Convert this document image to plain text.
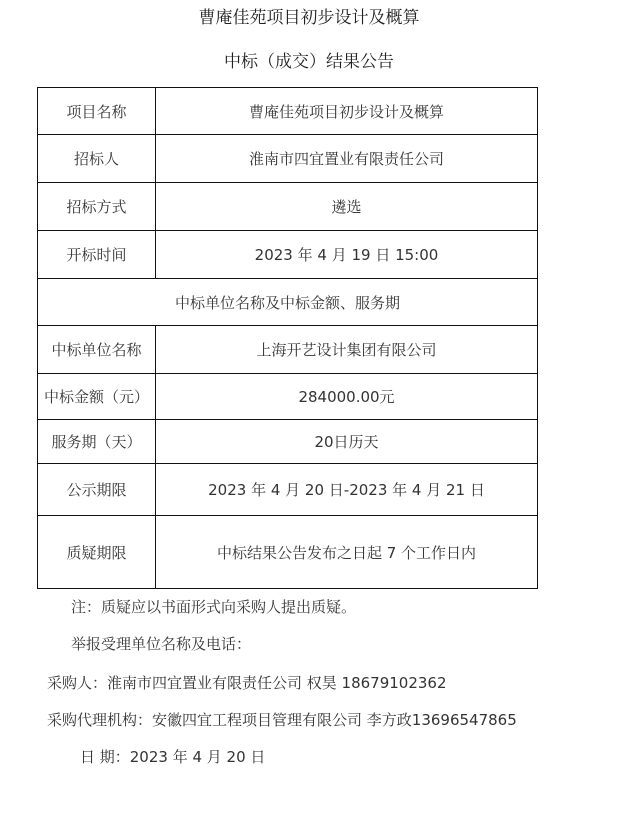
曹庵佳苑项目初步设计及概算
中标（成交）结果公告
项目名称	曹庵佳苑项目初步设计及概算
招标人	淮南市四宜置业有限责任公司
招标方式	遴选
开标时间	2023 年 4 月 19 日 15:00
中标单位名称及中标金额、服务期	
中标单位名称	上海开艺设计集团有限公司
中标金额（元）	284000.00元
服务期（天）	20日历天
公示期限	2023 年 4 月 20 日-2023 年 4 月 21 日
质疑期限	中标结果公告发布之日起 7 个工作日内
注：质疑应以书面形式向采购人提出质疑。
举报受理单位名称及电话：
采购人：淮南市四宜置业有限责任公司 权昊 18679102362
采购代理机构：安徽四宜工程项目管理有限公司 李方政13696547865
日 期：2023 年 4 月 20 日
